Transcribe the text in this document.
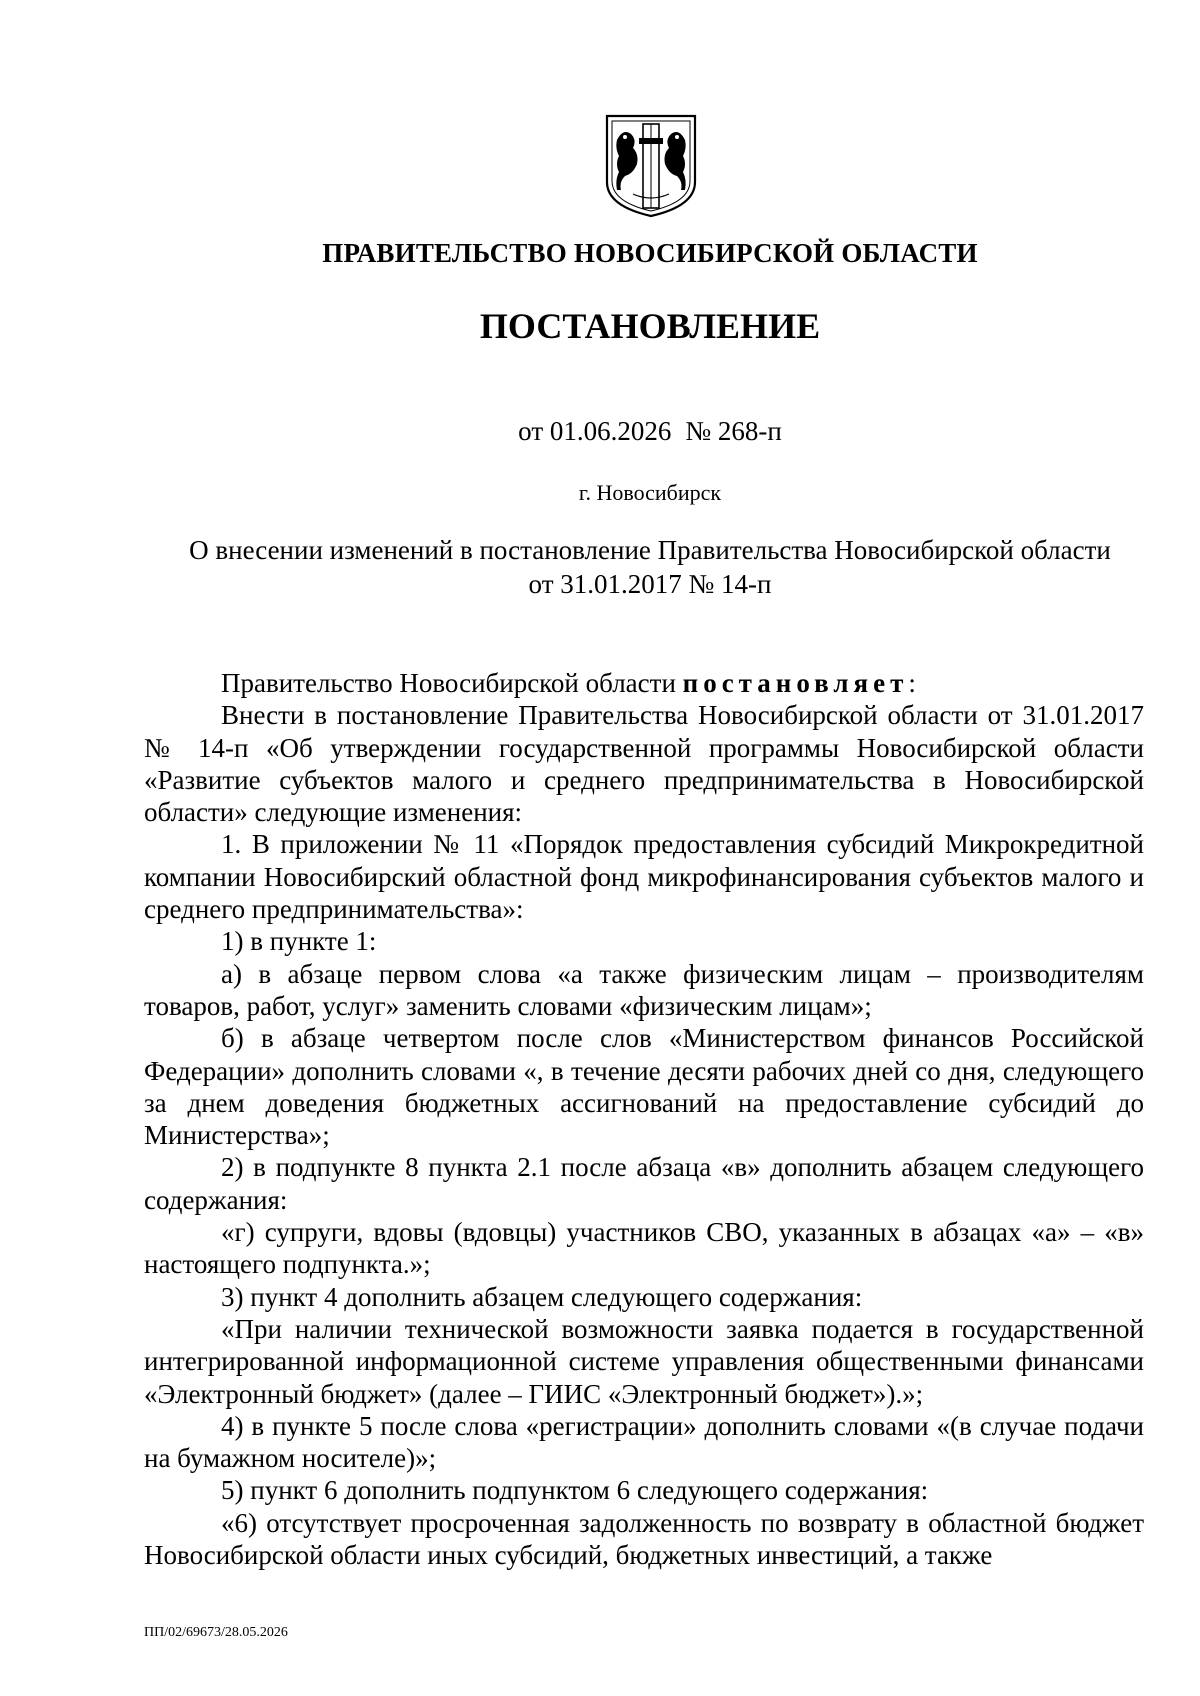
ПРАВИТЕЛЬСТВО НОВОСИБИРСКОЙ ОБЛАСТИ
ПОСТАНОВЛЕНИЕ
от 01.06.2026 № 268-п
г. Новосибирск
О внесении изменений в постановление Правительства Новосибирской области
от 31.01.2017 № 14-п

Правительство Новосибирской области постановляет:

Внести в постановление Правительства Новосибирской области от 31.01.2017 № 14-п «Об утверждении государственной программы Новосибирской области «Развитие субъектов малого и среднего предпринимательства в Новосибирской области» следующие изменения:

1. В приложении № 11 «Порядок предоставления субсидий Микрокредитной компании Новосибирский областной фонд микрофинансирования субъектов малого и среднего предпринимательства»:

1) в пункте 1:

а) в абзаце первом слова «а также физическим лицам – производителям товаров, работ, услуг» заменить словами «физическим лицам»;

б) в абзаце четвертом после слов «Министерством финансов Российской Федерации» дополнить словами «, в течение десяти рабочих дней со дня, следующего за днем доведения бюджетных ассигнований на предоставление субсидий до Министерства»;

2) в подпункте 8 пункта 2.1 после абзаца «в» дополнить абзацем следующего содержания:

«г) супруги, вдовы (вдовцы) участников СВО, указанных в абзацах «а» – «в» настоящего подпункта.»;

3) пункт 4 дополнить абзацем следующего содержания:

«При наличии технической возможности заявка подается в государственной интегрированной информационной системе управления общественными финансами «Электронный бюджет» (далее – ГИИС «Электронный бюджет»).»;

4) в пункте 5 после слова «регистрации» дополнить словами «(в случае подачи на бумажном носителе)»;

5) пункт 6 дополнить подпунктом 6 следующего содержания:

«6) отсутствует просроченная задолженность по возврату в областной бюджет Новосибирской области иных субсидий, бюджетных инвестиций, а также

ПП/02/69673/28.05.2026
